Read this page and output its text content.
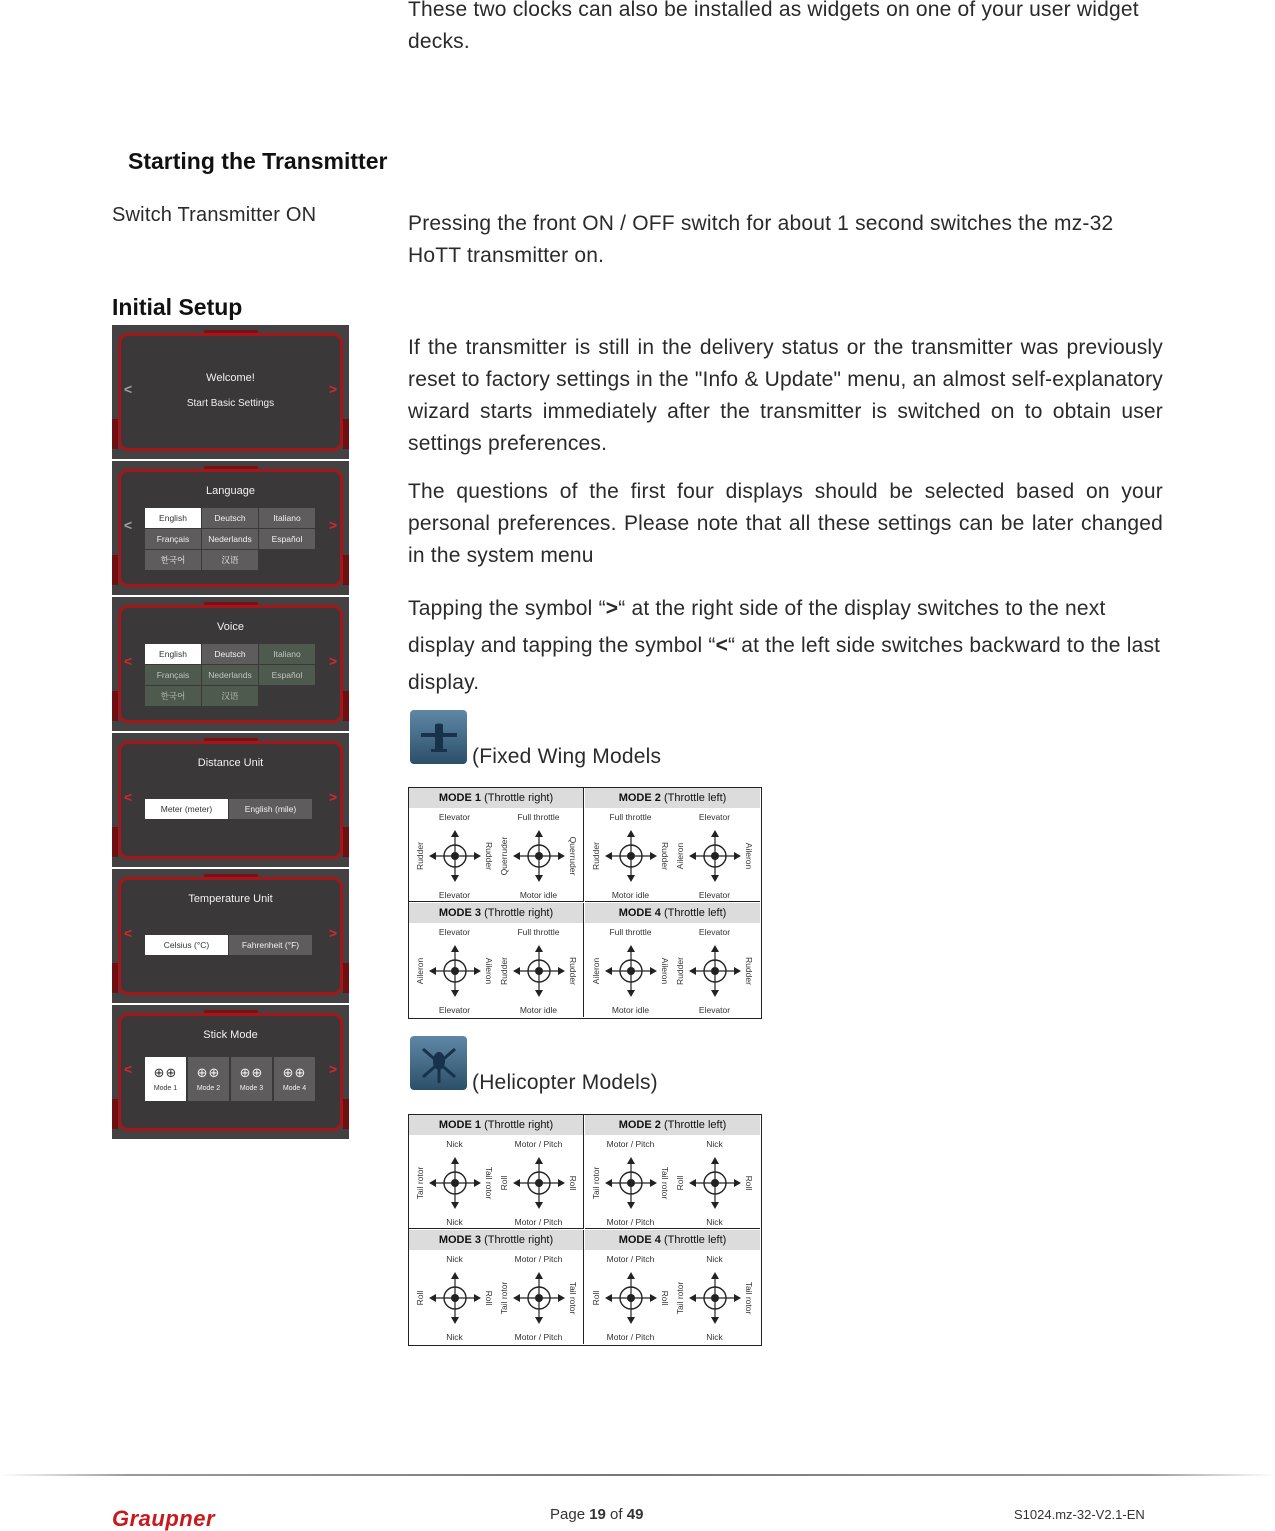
These two clocks can also be installed as widgets on one of your user widget decks.
Starting the Transmitter
Switch Transmitter ON	Pressing the front ON / OFF switch for about 1 second switches the mz-32 HoTT transmitter on.
Initial Setup
<	>
Welcome!
Start Basic Settings
<	>
Language
English	Deutsch	Italiano
Français	Nederlands	Español
한국어	汉语
<	>
Voice
English	Deutsch	Italiano
Français	Nederlands	Español
한국어	汉语
<	>
Distance Unit
Meter (meter)	English (mile)
<	>
Temperature Unit
Celsius (°C)	Fahrenheit (°F)
<	>
Stick Mode
⊕⊕
Mode 1
⊕⊕
Mode 2
⊕⊕
Mode 3
⊕⊕
Mode 4
If the transmitter is still in the delivery status or the transmitter was previously reset to factory settings in the "Info & Update" menu, an almost self-explanatory wizard starts immediately after the transmitter is switched on to obtain user settings preferences.
The questions of the first four displays should be selected based on your personal preferences. Please note that all these settings can be later changed in the system menu
Tapping the symbol “>“ at the right side of the display switches to the next display and tapping the symbol “<“ at the left side switches backward to the last display.
(Fixed Wing Models
MODE 1 (Throttle right)
Elevator
Elevator
Rudder	Rudder
Full throttle
Motor idle
Querruder	Querruder
MODE 2 (Throttle left)
Full throttle
Motor idle
Rudder	Rudder
Elevator
Elevator
Aileron	Aileron
MODE 3 (Throttle right)
Elevator
Elevator
Aileron	Aileron
Full throttle
Motor idle
Rudder	Rudder
MODE 4 (Throttle left)
Full throttle
Motor idle
Aileron	Aileron
Elevator
Elevator
Rudder	Rudder
(Helicopter Models)
MODE 1 (Throttle right)
Nick
Nick
Tail rotor	Tail rotor
Motor / Pitch
Motor / Pitch
Roll	Roll
MODE 2 (Throttle left)
Motor / Pitch
Motor / Pitch
Tail rotor	Tail rotor
Nick
Nick
Roll	Roll
MODE 3 (Throttle right)
Nick
Nick
Roll	Roll
Motor / Pitch
Motor / Pitch
Tail rotor	Tail rotor
MODE 4 (Throttle left)
Motor / Pitch
Motor / Pitch
Roll	Roll
Nick
Nick
Tail rotor	Tail rotor
Graupner	Page 19 of 49	S1024.mz-32-V2.1-EN
